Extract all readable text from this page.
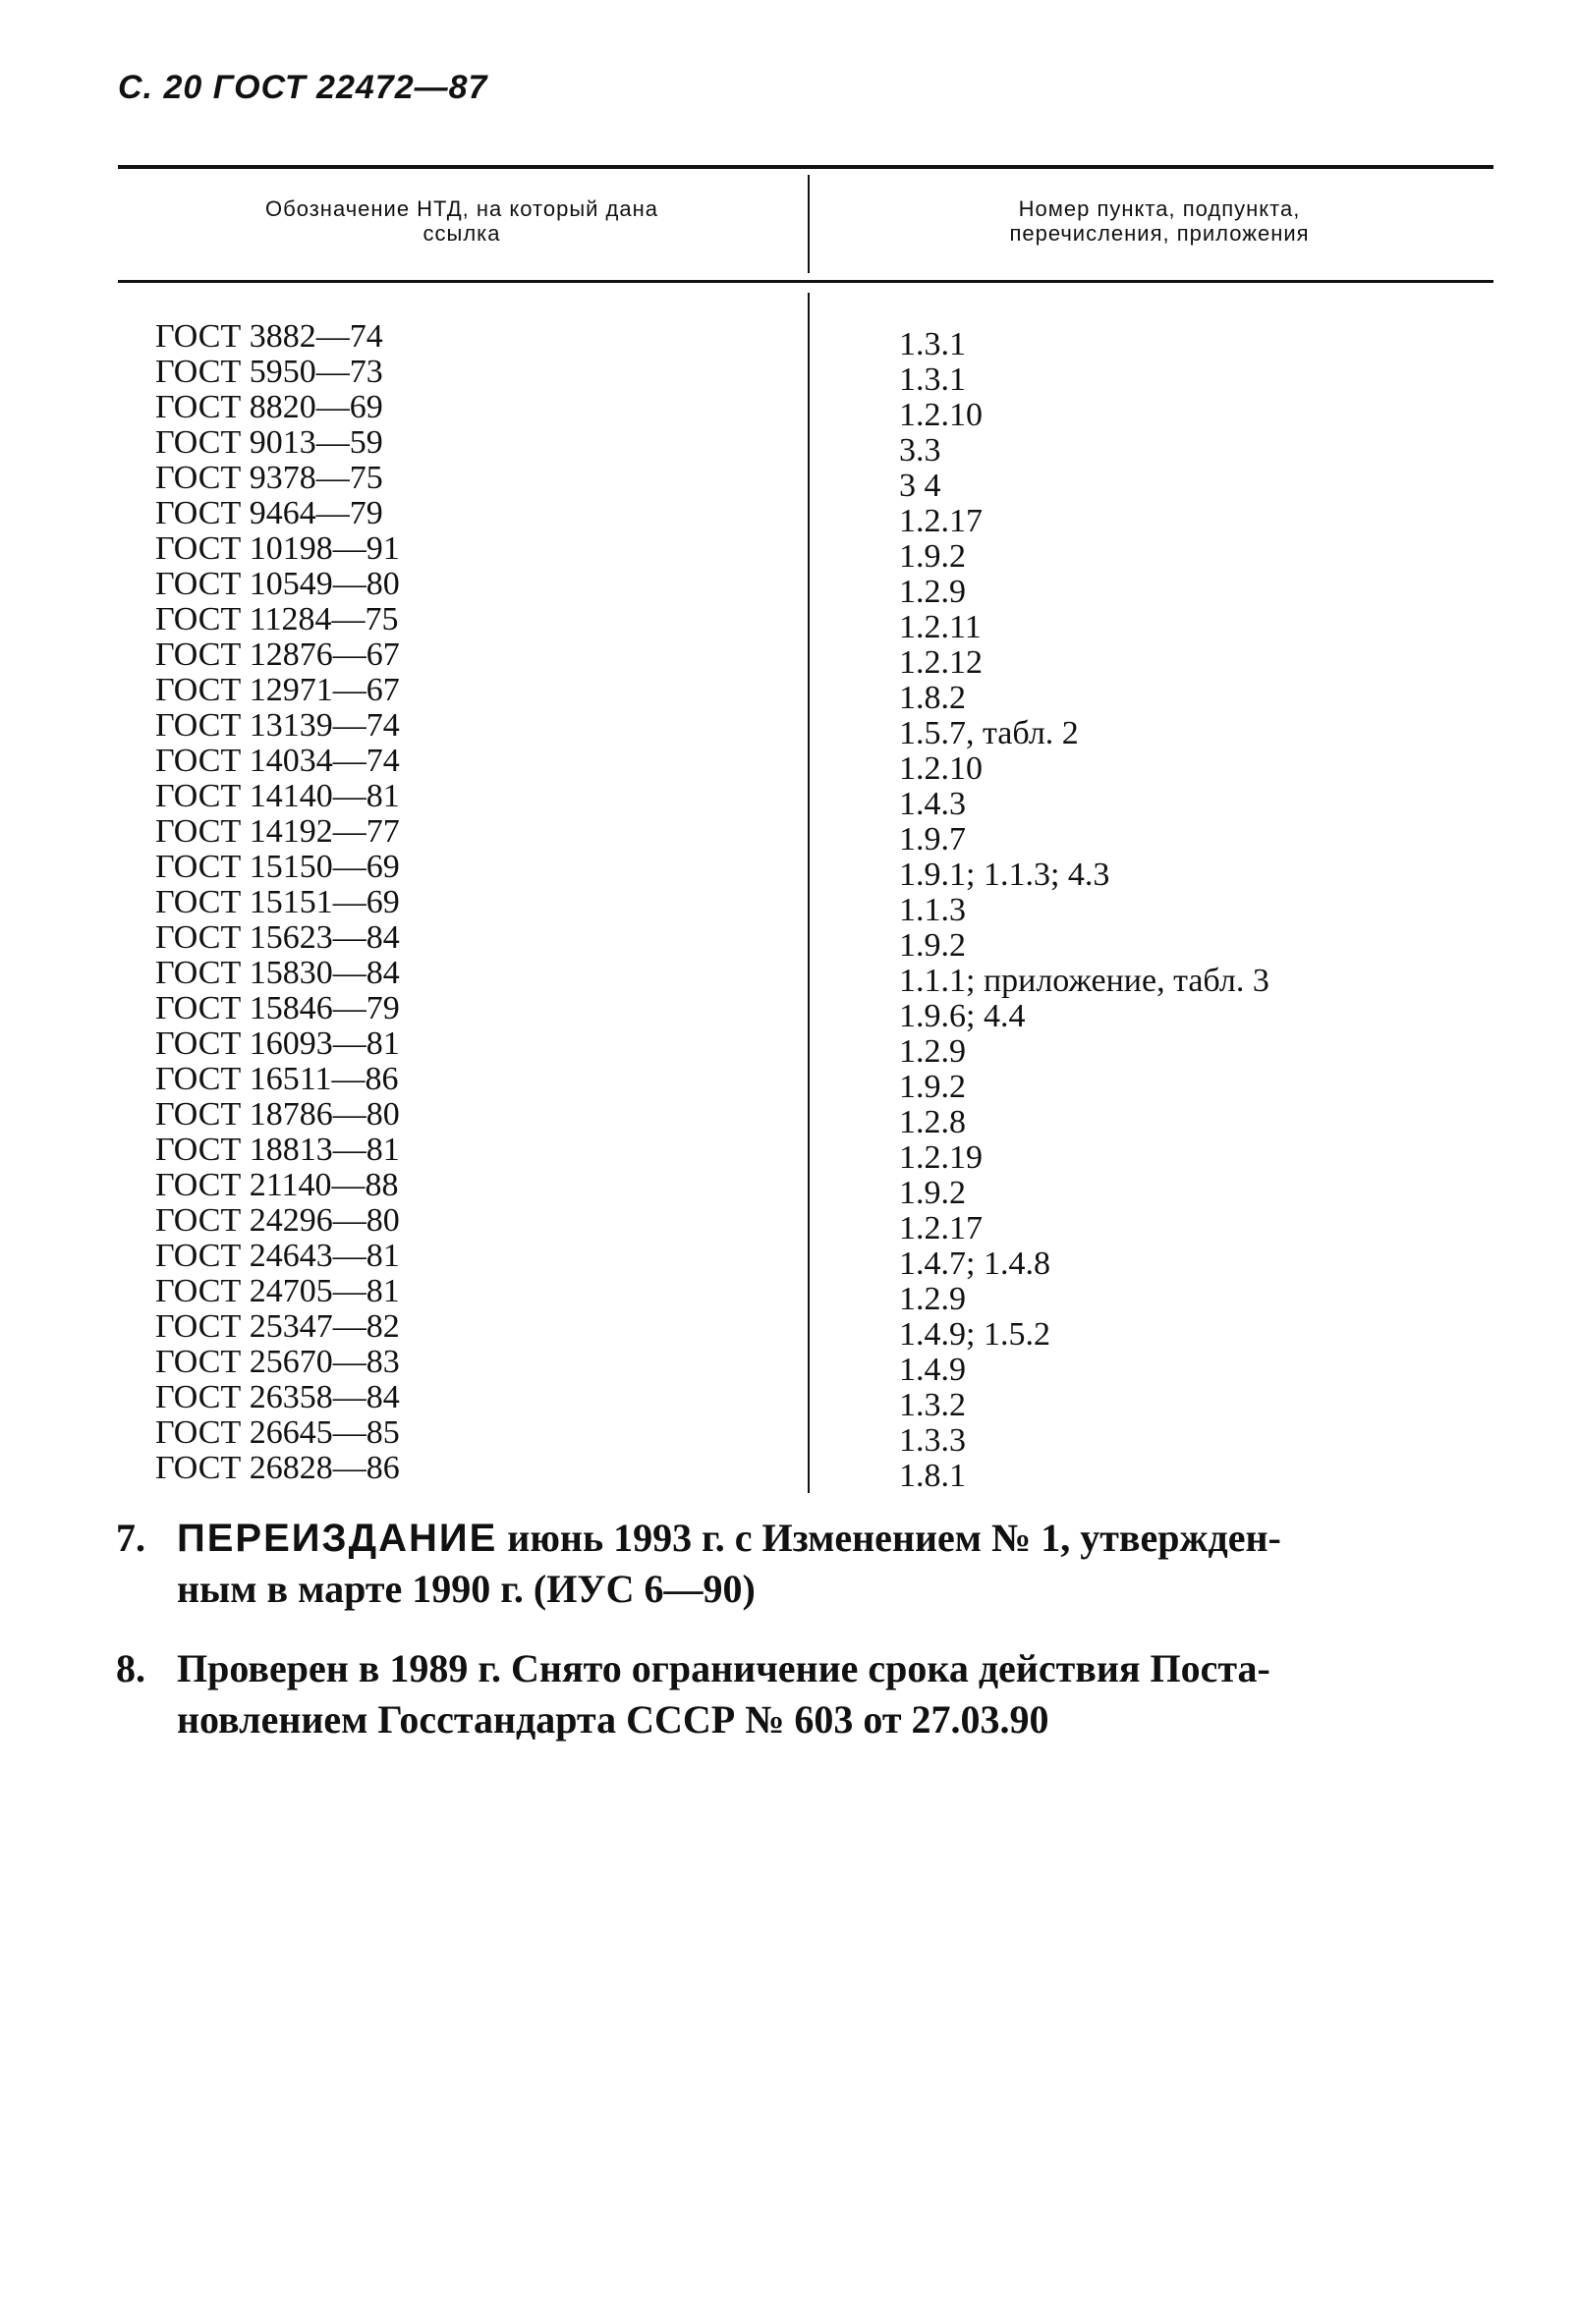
С. 20 ГОСТ 22472—87
Обозначение НТД, на который дана
ссылка
Номер пункта, подпункта,
перечисления, приложения
ГОСТ 3882—74
ГОСТ 5950—73
ГОСТ 8820—69
ГОСТ 9013—59
ГОСТ 9378—75
ГОСТ 9464—79
ГОСТ 10198—91
ГОСТ 10549—80
ГОСТ 11284—75
ГОСТ 12876—67
ГОСТ 12971—67
ГОСТ 13139—74
ГОСТ 14034—74
ГОСТ 14140—81
ГОСТ 14192—77
ГОСТ 15150—69
ГОСТ 15151—69
ГОСТ 15623—84
ГОСТ 15830—84
ГОСТ 15846—79
ГОСТ 16093—81
ГОСТ 16511—86
ГОСТ 18786—80
ГОСТ 18813—81
ГОСТ 21140—88
ГОСТ 24296—80
ГОСТ 24643—81
ГОСТ 24705—81
ГОСТ 25347—82
ГОСТ 25670—83
ГОСТ 26358—84
ГОСТ 26645—85
ГОСТ 26828—86
1.3.1
1.3.1
1.2.10
3.3
3 4
1.2.17
1.9.2
1.2.9
1.2.11
1.2.12
1.8.2
1.5.7, табл. 2
1.2.10
1.4.3
1.9.7
1.9.1; 1.1.3; 4.3
1.1.3
1.9.2
1.1.1; приложение, табл. 3
1.9.6; 4.4
1.2.9
1.9.2
1.2.8
1.2.19
1.9.2
1.2.17
1.4.7; 1.4.8
1.2.9
1.4.9; 1.5.2
1.4.9
1.3.2
1.3.3
1.8.1
7. ПЕРЕИЗДАНИЕ июнь 1993 г. с Изменением № 1, утвержден-
ным в марте 1990 г. (ИУС 6—90)
8. Проверен в 1989 г. Снято ограничение срока действия Поста-
новлением Госстандарта СССР № 603 от 27.03.90
